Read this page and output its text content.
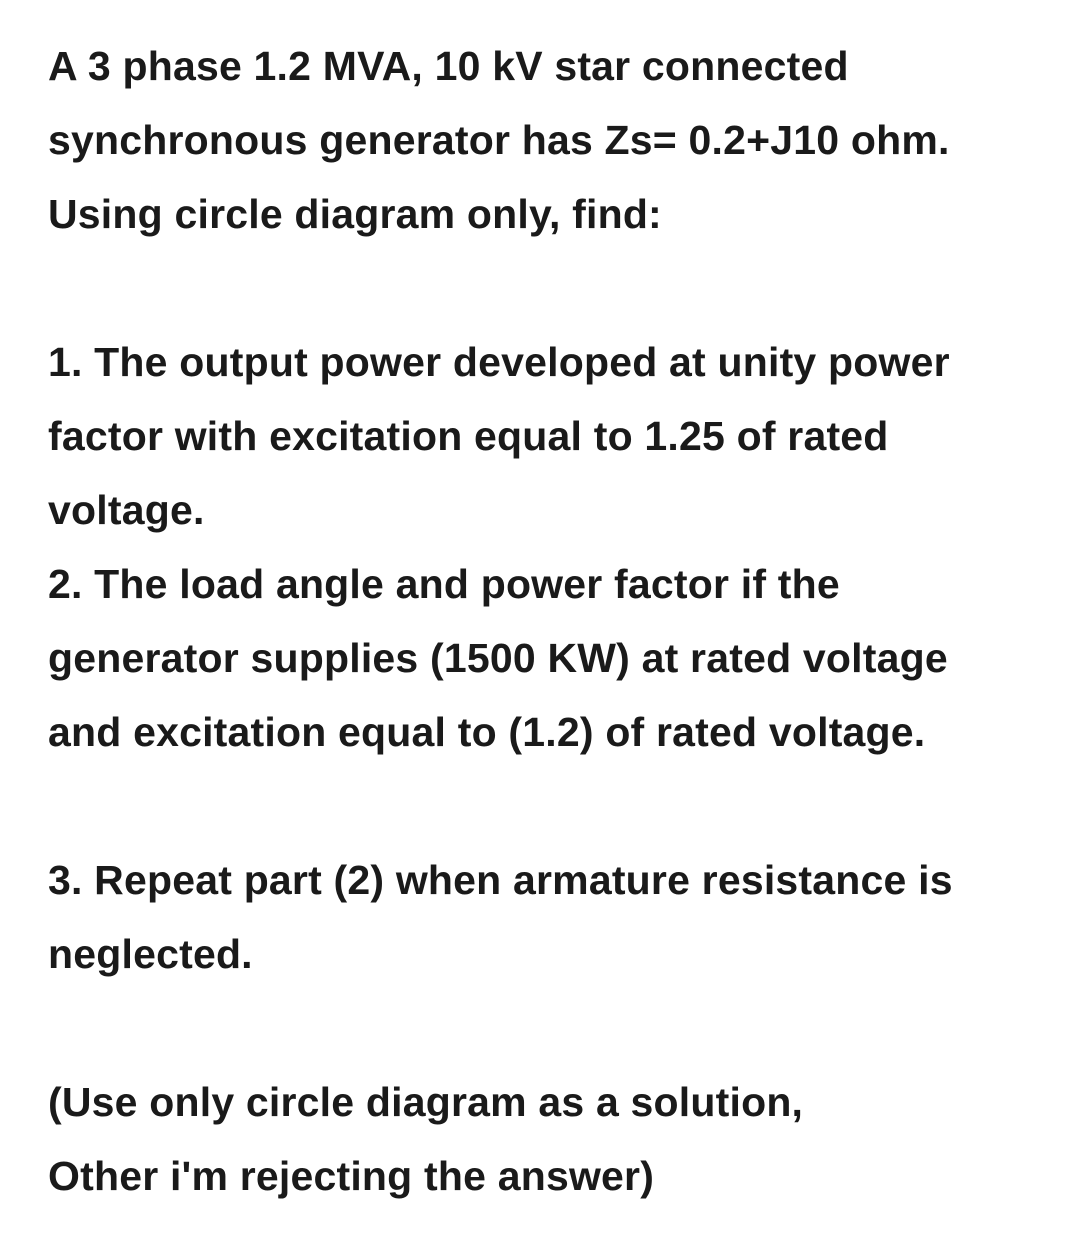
A 3 phase 1.2 MVA, 10 kV star connected

synchronous generator has Zs= 0.2+J10 ohm.

Using circle diagram only, find:

1. The output power developed at unity power

factor with excitation equal to 1.25 of rated

voltage.

2. The load angle and power factor if the

generator supplies (1500 KW) at rated voltage

and excitation equal to (1.2) of rated voltage.

3. Repeat part (2) when armature resistance is

neglected.

(Use only circle diagram as a solution,

Other i'm rejecting the answer)
